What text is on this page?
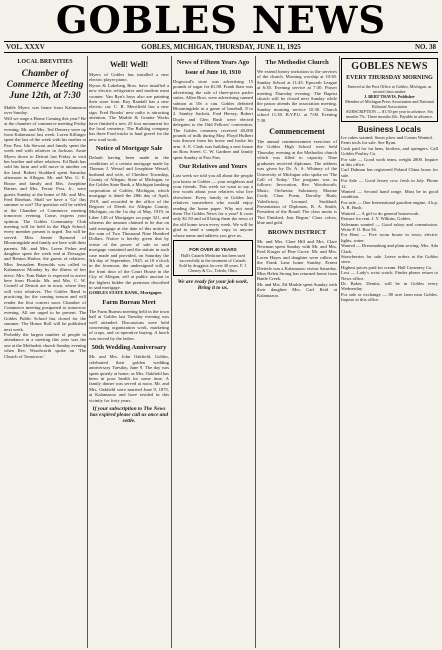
GOBLES NEWS
VOL. XXXV	GOBLES, MICHIGAN, THURSDAY, JUNE 11, 1925	NO. 38
LOCAL BREVITIES
Chamber of Commerce Meeting June 12th, at 7:30

Mable Myers was home from Kalamazoo over Sunday.

Will we stage a Home Coming this year? Be at the chamber of commerce meeting Friday evening. Mr. and Mrs. Ted Demery were up from Kalamazoo last week. Loren Killinger spent the last of the week with his mother at Paw Paw. Ida Stewart and family spent the week end with relatives in Jackson. Arnie Myers drove to Detroit last Friday to visit her brother and other relatives. Ed Bush has sold his farm and will move to another on the land. Robert Stoddard spent Saturday afternoon in Allegan. Mr. and Mrs. G. E. Bouse and family and Mrs. Josephine Barnes and Mrs. Ferrar Post, Jr., were guests Sunday at the home of Mr. and Mrs. Fred Rinehart. Shall we have a 'Go' this summer or not? The question will be settled at the Chamber of Commerce meeting tomorrow evening. Come, express your opinion. The Gobles Community Club meeting will be held in the High School, every member present is urged. Tea will be served. Miss Jennie Rymond of Bloomingdale and family are here with their parents. Mr. and Mrs. Loren Fisher and daughter spent the week end at Dowagiac and Benton Harbor, the guests of relatives. Miss Jerusalem Reynolds was called to Kalamazoo Monday by the illness of her niece. Mrs. Tom Baker is expected to arrive here from Florida. Mr. and Mrs. C. W. Cornell of Detroit are in town, where they will visit relatives. The Gobles Band is practicing for the coming season and will render the first concert soon. Chamber of Commerce meeting postponed to tomorrow evening. All are urged to be present. The Gobles Public School has closed for the summer. The Honor Roll will be published next week.

Probably the largest number of people in attendance at a meeting this year was the one at the Methodist church Sunday evening when Rev. Woodworth spoke on 'The Church of Tomorrow.'

Well! Well!

Myers of Gobles has installed a new electric player piano.

Byron & Lukeberg Bros. have installed a new electric refrigerator and modern meat counter. Van Ryn's boys also are painting their store front. Roy Randall has a new electric car. C. B. Merrifield has a new sign. Fred Brooks' new radio is attracting attention. The Marble & Granite Works have finished a new 25 foot monument for the local cemetery. The Bulldog company has three Ford trucks to haul gravel for the new road work.

Notice of Mortgage Sale

Default having been made in the conditions of a certain mortgage made by Thomas J. Wessel and Josephine Wessel, husband and wife, of Cheshire Township, County of Allegan, State of Michigan, to the Gobles State Bank, a Michigan banking corporation of Gobles, Michigan, which mortgage is dated the 28th day of April, 1919, and recorded in the office of the Register of Deeds for Allegan County, Michigan, on the 1st day of May, 1919, in Liber 148 of Mortgages on page 321, and whereas the amount claimed to be due on said mortgage at the date of this notice is the sum of Two Thousand Nine Hundred Dollars. Notice is hereby given that by virtue of the power of sale in said mortgage contained and the statute in such case made and provided, on Saturday the 5th day of September, 1925, at 10 o'clock in the forenoon, the undersigned will, at the front door of the Court House in the City of Allegan, sell at public auction to the highest bidder the premises described in said mortgage.

GOBLES STATE BANK, Mortgagee.

Farm Bureau Meet

The Farm Bureau meeting held in the town hall at Gobles last Tuesday evening was well attended. Discussions were held concerning organization work, marketing of crops, and co-operative buying. A lunch was served by the ladies.

50th Wedding Anniversary

Mr. and Mrs. John Oakfield, Gobles, celebrated their golden wedding anniversary Tuesday, June 9. The day was spent quietly at home, as Mrs. Oakfield has been in poor health for some time. A family dinner was served at noon. Mr. and Mrs. Oakfield were married June 9, 1875, at Kalamazoo and have resided in this vicinity for forty years.

If your subscription to The News has expired please call us once and settle.
News of Fifteen Years Ago
Issue of June 10, 1910

Dogwood's store was advertising 15 pounds of sugar for $1.00. Frank Starr was advertising the sale of three-piece parlor suites. Allen Bros. were advertising canned salmon at 10c a can. Gobles defeated Bloomingdale in a game of baseball, 8 to 2. Stanley Sackett, Fred Hersey, Robert Doyle and Glen Bush were elected delegates to the Odd Fellows' convention. The Gobles creamery received 40,000 pounds of milk during May. Floyd Hulbert was thrown from his horse and broke his arm. A. E. Clark was building a new house on Ross Street. C. W. Gardner and family spent Sunday at Paw Paw.

Our Relatives and Yours

Last week we told you all about the people you know in Gobles — your neighbors and your friends. This week we want to say a few words about your relatives who live elsewhere. Every family in Gobles has relatives somewhere who would enjoy reading the home paper. Why not send them The Gobles News for a year? It costs only $1.50 and will bring them the news of the old home town every week. We will be glad to send a sample copy to anyone whose name and address you give us.

FOR OVER 40 YEARS

Hall's Catarrh Medicine has been used successfully in the treatment of Catarrh. Sold by druggists for over 40 years. F. J. Cheney & Co., Toledo, Ohio.

We are ready for your job work. Bring it to us.
The Methodist Church

We extend hearty invitation to the services of the church. Morning worship at 10:30. Sunday School at 11:45. Epworth League at 6:30. Evening service at 7:30. Prayer meeting Thursday evening. The Baptist church will be closed next Sunday while the pastor attends the association meeting. Sunday morning service 10:30. Church school 11:30. B.Y.P.U. at 7:00. Evening 7:30.

Commencement

The annual commencement exercises of the Gobles High School were held Thursday evening at the Methodist church which was filled to capacity. Nine graduates received diplomas. The address was given by Dr. A. S. Whitney of the University of Michigan who spoke on 'The Call of Today.' The program was as follows: Invocation, Rev. Woodworth; Music, Orchestra; Salutatory, Maxine Cook; Class Poem, Dorothy Bush; Valedictory, Leonard Stoddard; Presentation of Diplomas, R. A. Smith, President of the Board. The class motto is 'Not Finished, Just Begun.' Class colors, blue and gold.

BROWN DISTRICT

Mr. and Mrs. Clare Hill and Mrs. Clare Newman spent Sunday with Mr. and Mrs. Fred Kruger of Pine Grove. Mr. and Mrs. Loren Hayes and daughter were callers at the Frank Lane home Sunday. Ernest Dieterle was a Kalamazoo visitor Saturday. Miss Helen Strong has returned home from Battle Creek.

Mr. and Mrs. Ed Marble spent Sunday with their daughter Mrs. Carl Reid at Kalamazoo.

GOBLES NEWS
EVERY THURSDAY MORNING

Entered at the Post Office at Gobles, Michigan, as second class matter.

J. BERT TRAVIS, Publisher

Member of Michigan Press Association and National Editorial Association

SUBSCRIPTION — $1.50 per year in advance. Six months 75c. Three months 40c. Payable in advance.

Business Locals

Ice cakes wanted. Snow plow and Cream Wanted.

Farm tools for sale. See Ryan.

Cash paid for fat hens, broilers, and springers. Call Gobles Poultry Co.

For sale — Good work team, weight 2800. Inquire at this office.

Carl Dalman has registered Poland China boars for sale.

For Sale — Good Jersey cow, fresh in July. Phone 12.

Wanted — Second hand range. Must be in good condition.

For sale — One International gasoline engine, 4 h.p. A. R. Bush.

Wanted — A girl to do general housework.

Pasture for rent. J. Y. Wilkins, Gobles.

Salesman wanted — Good salary and commission. Write P. O. Box 56.

For Rent — Five room house in town, electric lights, water.

Wanted — Dressmaking and plain sewing. Mrs. Ada Clark.

Strawberries for sale. Leave orders at the Gobles store.

Highest prices paid for cream. Hall Creamery Co.

Lost — Lady's wrist watch. Finder please return to News office.

Dr. Baker, Dentist, will be in Gobles every Wednesday.

For sale or exchange — 80 acre farm near Gobles. Inquire at this office.
